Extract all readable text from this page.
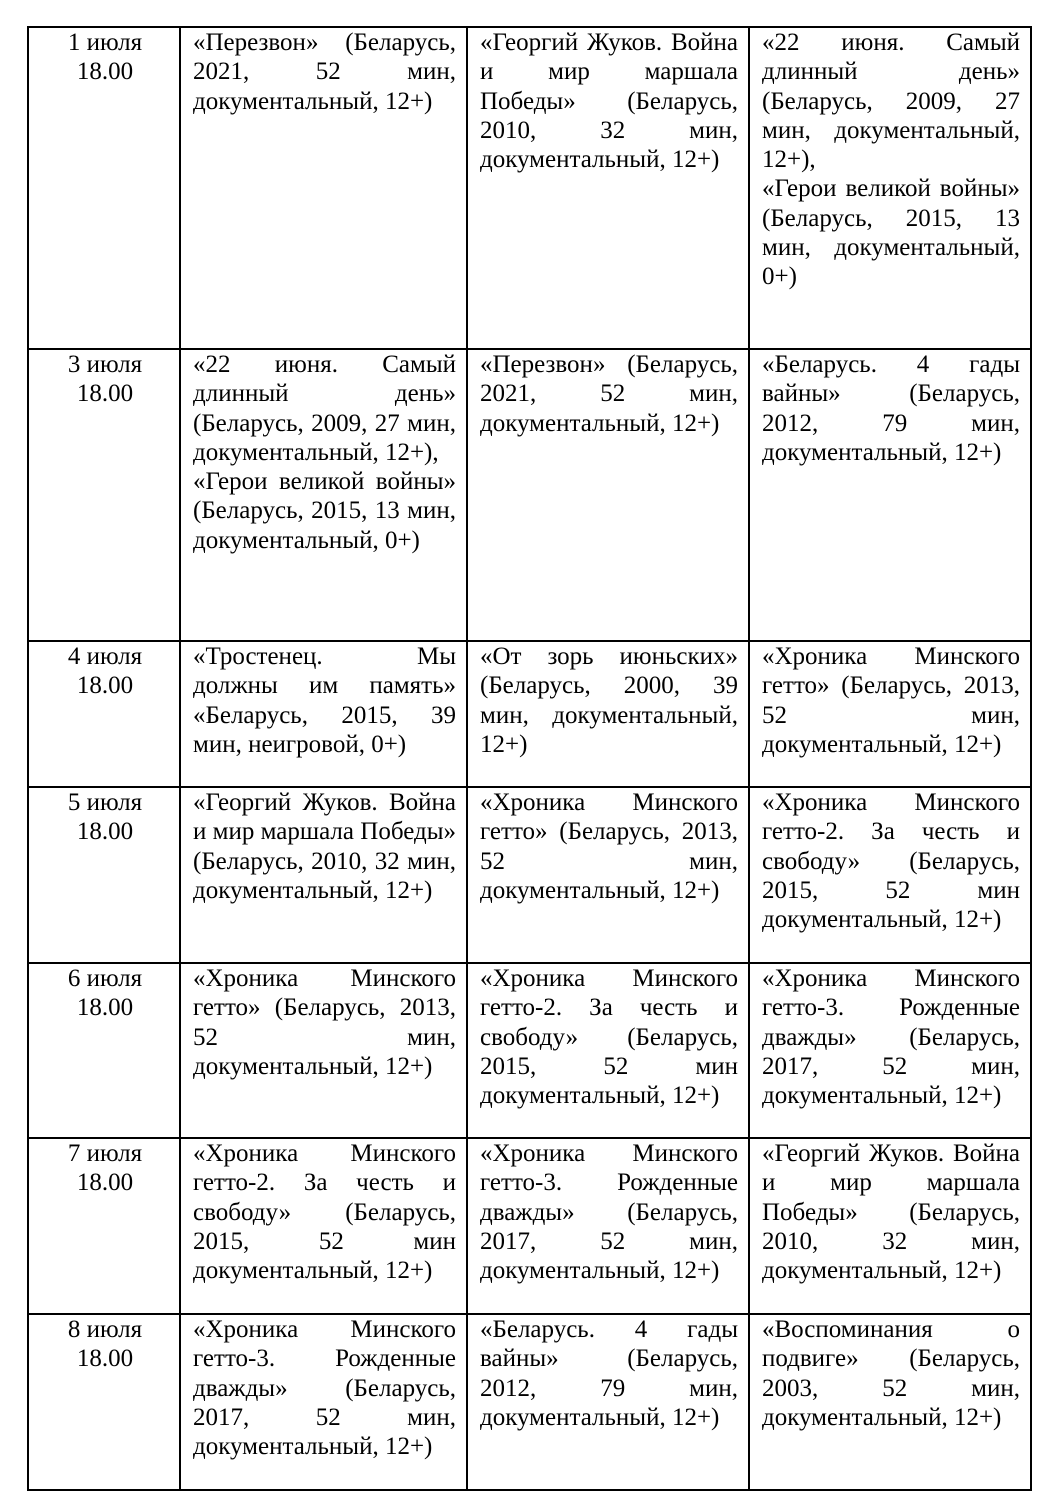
1 июля
18.00	«Перезвон» (Беларусь, 2021, 52 мин, документальный, 12+)	«Георгий Жуков. Война и мир маршала Победы» (Беларусь, 2010, 32 мин, документальный, 12+)	«22 июня. Самый длинный день» (Беларусь, 2009, 27 мин, документальный, 12+),
«Герои великой войны» (Беларусь, 2015, 13 мин, документальный, 0+)

3 июля
18.00	«22 июня. Самый длинный день» (Беларусь, 2009, 27 мин, документальный, 12+),
«Герои великой войны» (Беларусь, 2015, 13 мин, документальный, 0+)	«Перезвон» (Беларусь, 2021, 52 мин, документальный, 12+)	«Беларусь. 4 гады вайны» (Беларусь, 2012, 79 мин, документальный, 12+)

4 июля
18.00	«Тростенец. Мы должны им память» «Беларусь, 2015, 39 мин, неигровой, 0+)	«От зорь июньских» (Беларусь, 2000, 39 мин, документальный, 12+)	«Хроника Минского гетто» (Беларусь, 2013, 52 мин, документальный, 12+)

5 июля
18.00	«Георгий Жуков. Война и мир маршала Победы» (Беларусь, 2010, 32 мин, документальный, 12+)	«Хроника Минского гетто» (Беларусь, 2013, 52 мин, документальный, 12+)	«Хроника Минского гетто-2. За честь и свободу» (Беларусь, 2015, 52 мин документальный, 12+)

6 июля
18.00	«Хроника Минского гетто» (Беларусь, 2013, 52 мин, документальный, 12+)	«Хроника Минского гетто-2. За честь и свободу» (Беларусь, 2015, 52 мин документальный, 12+)	«Хроника Минского гетто-3. Рожденные дважды» (Беларусь, 2017, 52 мин, документальный, 12+)

7 июля
18.00	«Хроника Минского гетто-2. За честь и свободу» (Беларусь, 2015, 52 мин документальный, 12+)	«Хроника Минского гетто-3. Рожденные дважды» (Беларусь, 2017, 52 мин, документальный, 12+)	«Георгий Жуков. Война и мир маршала Победы» (Беларусь, 2010, 32 мин, документальный, 12+)

8 июля
18.00	«Хроника Минского гетто-3. Рожденные дважды» (Беларусь, 2017, 52 мин, документальный, 12+)	«Беларусь. 4 гады вайны» (Беларусь, 2012, 79 мин, документальный, 12+)	«Воспоминания о подвиге» (Беларусь, 2003, 52 мин, документальный, 12+)
